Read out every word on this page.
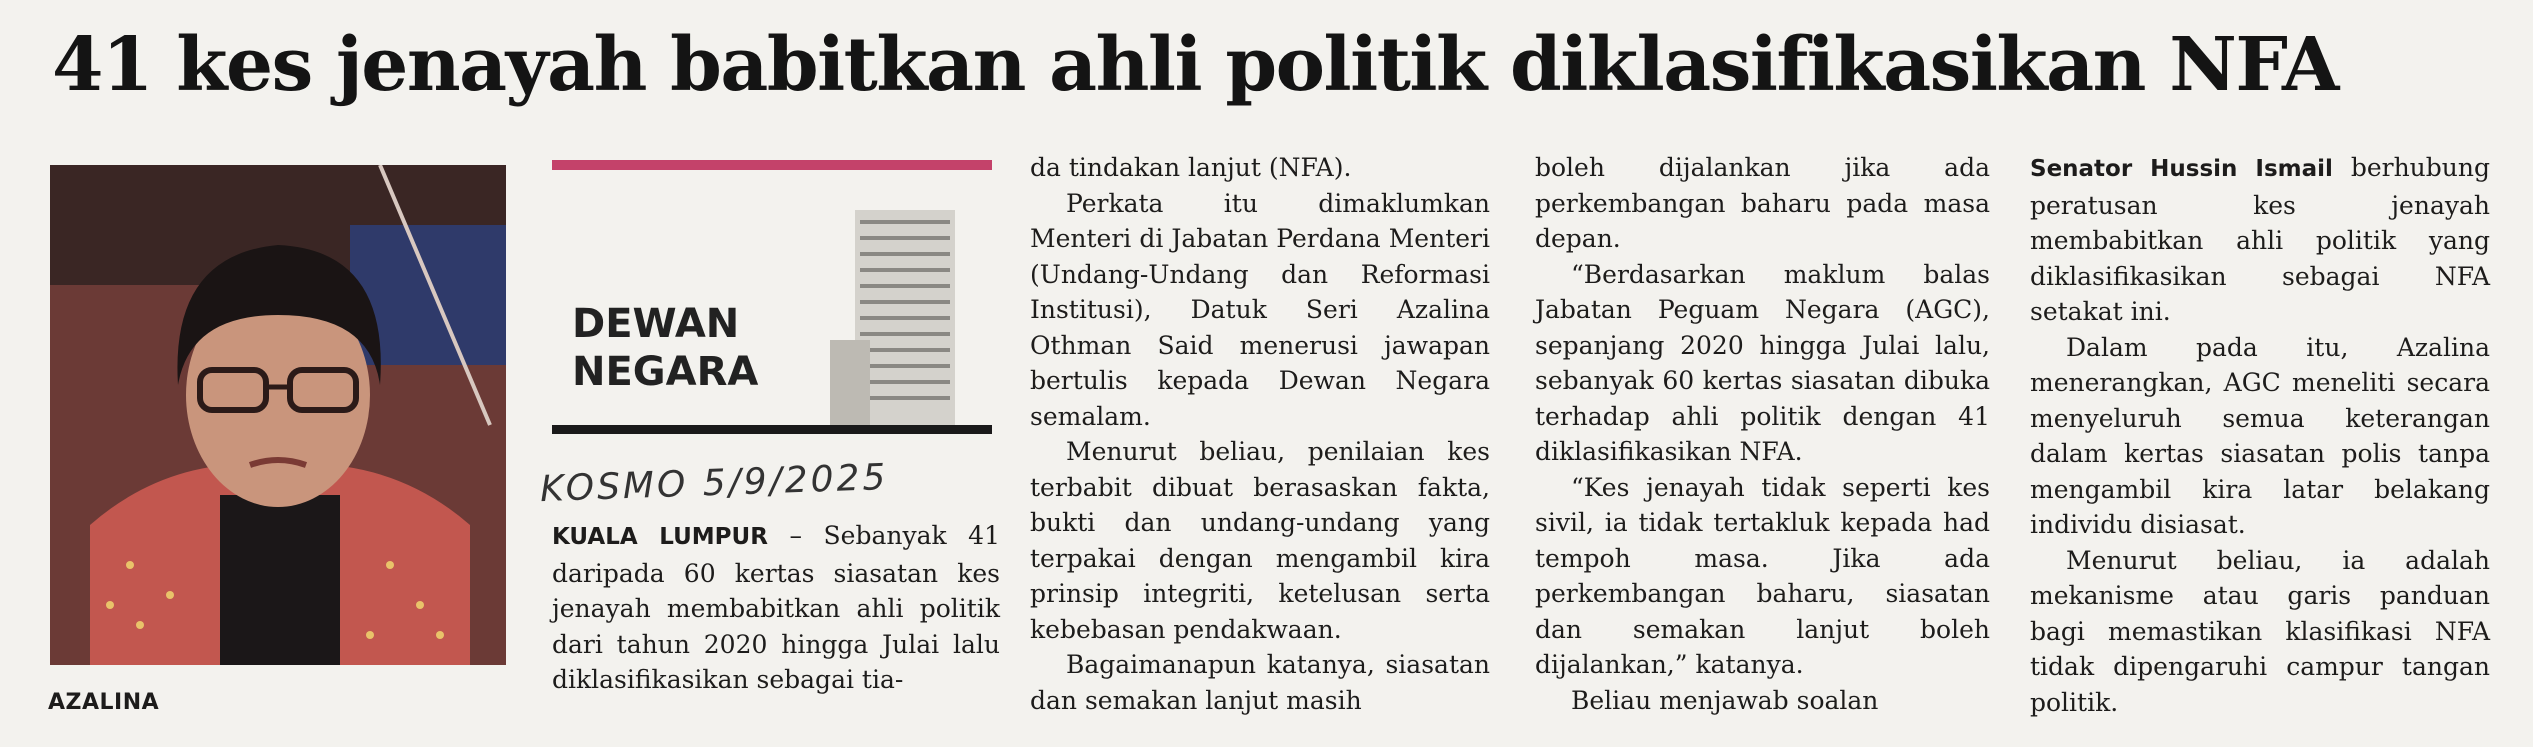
41 kes jenayah babitkan ahli politik diklasifikasikan NFA
AZALINA
DEWAN
NEGARA
KOSMO 5/9/2025

KUALA LUMPUR – Sebanyak 41 daripada 60 kertas siasatan kes jenayah membabitkan ahli politik dari tahun 2020 hingga Julai lalu diklasifikasikan sebagai tia-

da tindakan lanjut (NFA).

Perkata itu dimaklumkan Menteri di Jabatan Perdana Menteri (Undang-Undang dan Reformasi Institusi), Datuk Seri Azalina Othman Said menerusi jawapan bertulis kepada Dewan Negara semalam.

Menurut beliau, penilaian kes terbabit dibuat berasaskan fakta, bukti dan undang-undang yang terpakai dengan mengambil kira prinsip integriti, ketelusan serta kebebasan pendakwaan.

Bagaimanapun katanya, siasatan dan semakan lanjut masih

boleh dijalankan jika ada perkembangan baharu pada masa depan.

“Berdasarkan maklum balas Jabatan Peguam Negara (AGC), sepanjang 2020 hingga Julai lalu, sebanyak 60 kertas siasatan dibuka terhadap ahli politik dengan 41 diklasifikasikan NFA.

“Kes jenayah tidak seperti kes sivil, ia tidak tertakluk kepada had tempoh masa. Jika ada perkembangan baharu, siasatan dan semakan lanjut boleh dijalankan,” katanya.

Beliau menjawab soalan

Senator Hussin Ismail berhubung peratusan kes jenayah membabitkan ahli politik yang diklasifikasikan sebagai NFA setakat ini.

Dalam pada itu, Azalina menerangkan, AGC meneliti secara menyeluruh semua keterangan dalam kertas siasatan polis tanpa mengambil kira latar belakang individu disiasat.

Menurut beliau, ia adalah mekanisme atau garis panduan bagi memastikan klasifikasi NFA tidak dipengaruhi campur tangan politik.
